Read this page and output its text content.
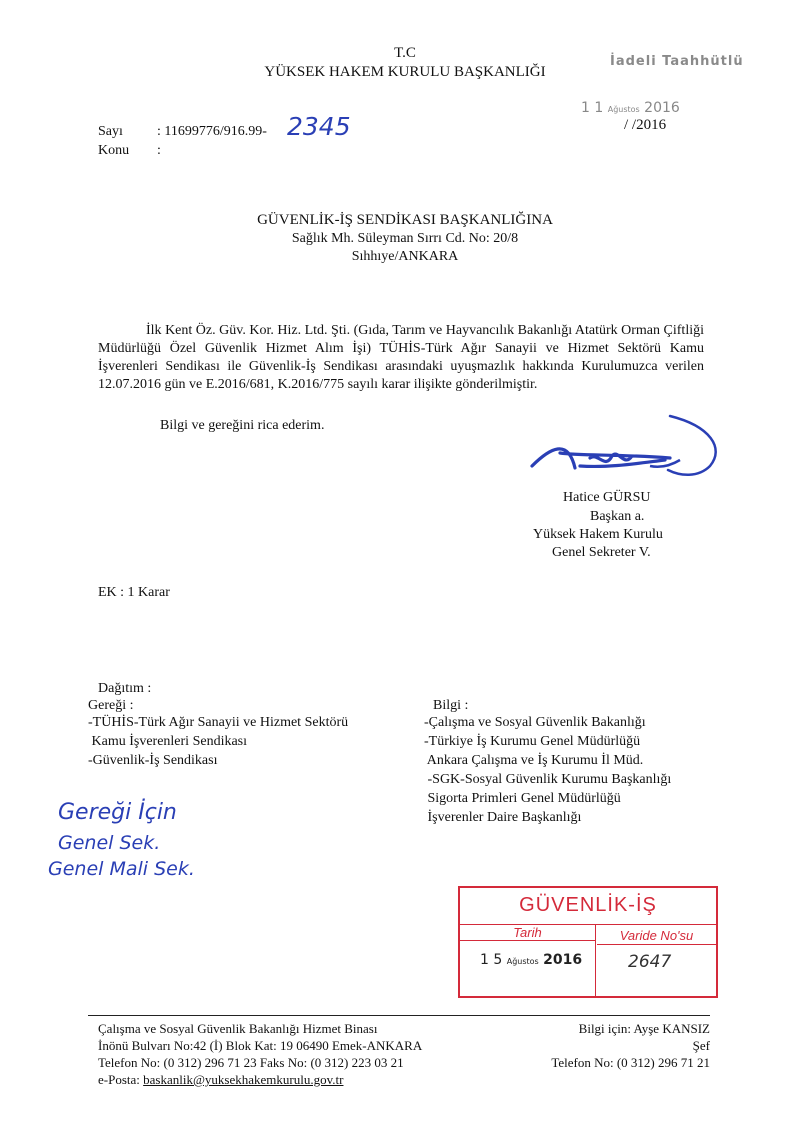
T.C
YÜKSEK HAKEM KURULU BAŞKANLIĞI
İadeli Taahhütlü
1 1 Ağustos 2016
/ /2016
Sayı : 11699776/916.99- 2345
Konu :
GÜVENLİK-İŞ SENDİKASI BAŞKANLIĞINA
Sağlık Mh. Süleyman Sırrı Cd. No: 20/8
Sıhhıye/ANKARA
İlk Kent Öz. Güv. Kor. Hiz. Ltd. Şti. (Gıda, Tarım ve Hayvancılık Bakanlığı Atatürk Orman Çiftliği Müdürlüğü Özel Güvenlik Hizmet Alım İşi) TÜHİS-Türk Ağır Sanayii ve Hizmet Sektörü Kamu İşverenleri Sendikası ile Güvenlik-İş Sendikası arasındaki uyuşmazlık hakkında Kurulumuzca verilen 12.07.2016 gün ve E.2016/681, K.2016/775 sayılı karar ilişikte gönderilmiştir.
Bilgi ve gereğini rica ederim.
Hatice GÜRSU
Başkan a.
Yüksek Hakem Kurulu
Genel Sekreter V.
EK : 1 Karar
Dağıtım :
Gereği :
-TÜHİS-Türk Ağır Sanayii ve Hizmet Sektörü
Kamu İşverenleri Sendikası
-Güvenlik-İş Sendikası
Bilgi :
-Çalışma ve Sosyal Güvenlik Bakanlığı
-Türkiye İş Kurumu Genel Müdürlüğü
Ankara Çalışma ve İş Kurumu İl Müd.
-SGK-Sosyal Güvenlik Kurumu Başkanlığı
Sigorta Primleri Genel Müdürlüğü
İşverenler Daire Başkanlığı
Gereği İçin
Genel Sek.
Genel Mali Sek.
GÜVENLİK-İŞ
Tarih	Varide No'su
1 5 Ağustos 2016	2647
Çalışma ve Sosyal Güvenlik Bakanlığı Hizmet Binası
İnönü Bulvarı No:42 (İ) Blok Kat: 19 06490 Emek-ANKARA
Telefon No: (0 312) 296 71 23 Faks No: (0 312) 223 03 21
e-Posta: baskanlik@yuksekhakemkurulu.gov.tr
Bilgi için: Ayşe KANSIZ
Şef
Telefon No: (0 312) 296 71 21
